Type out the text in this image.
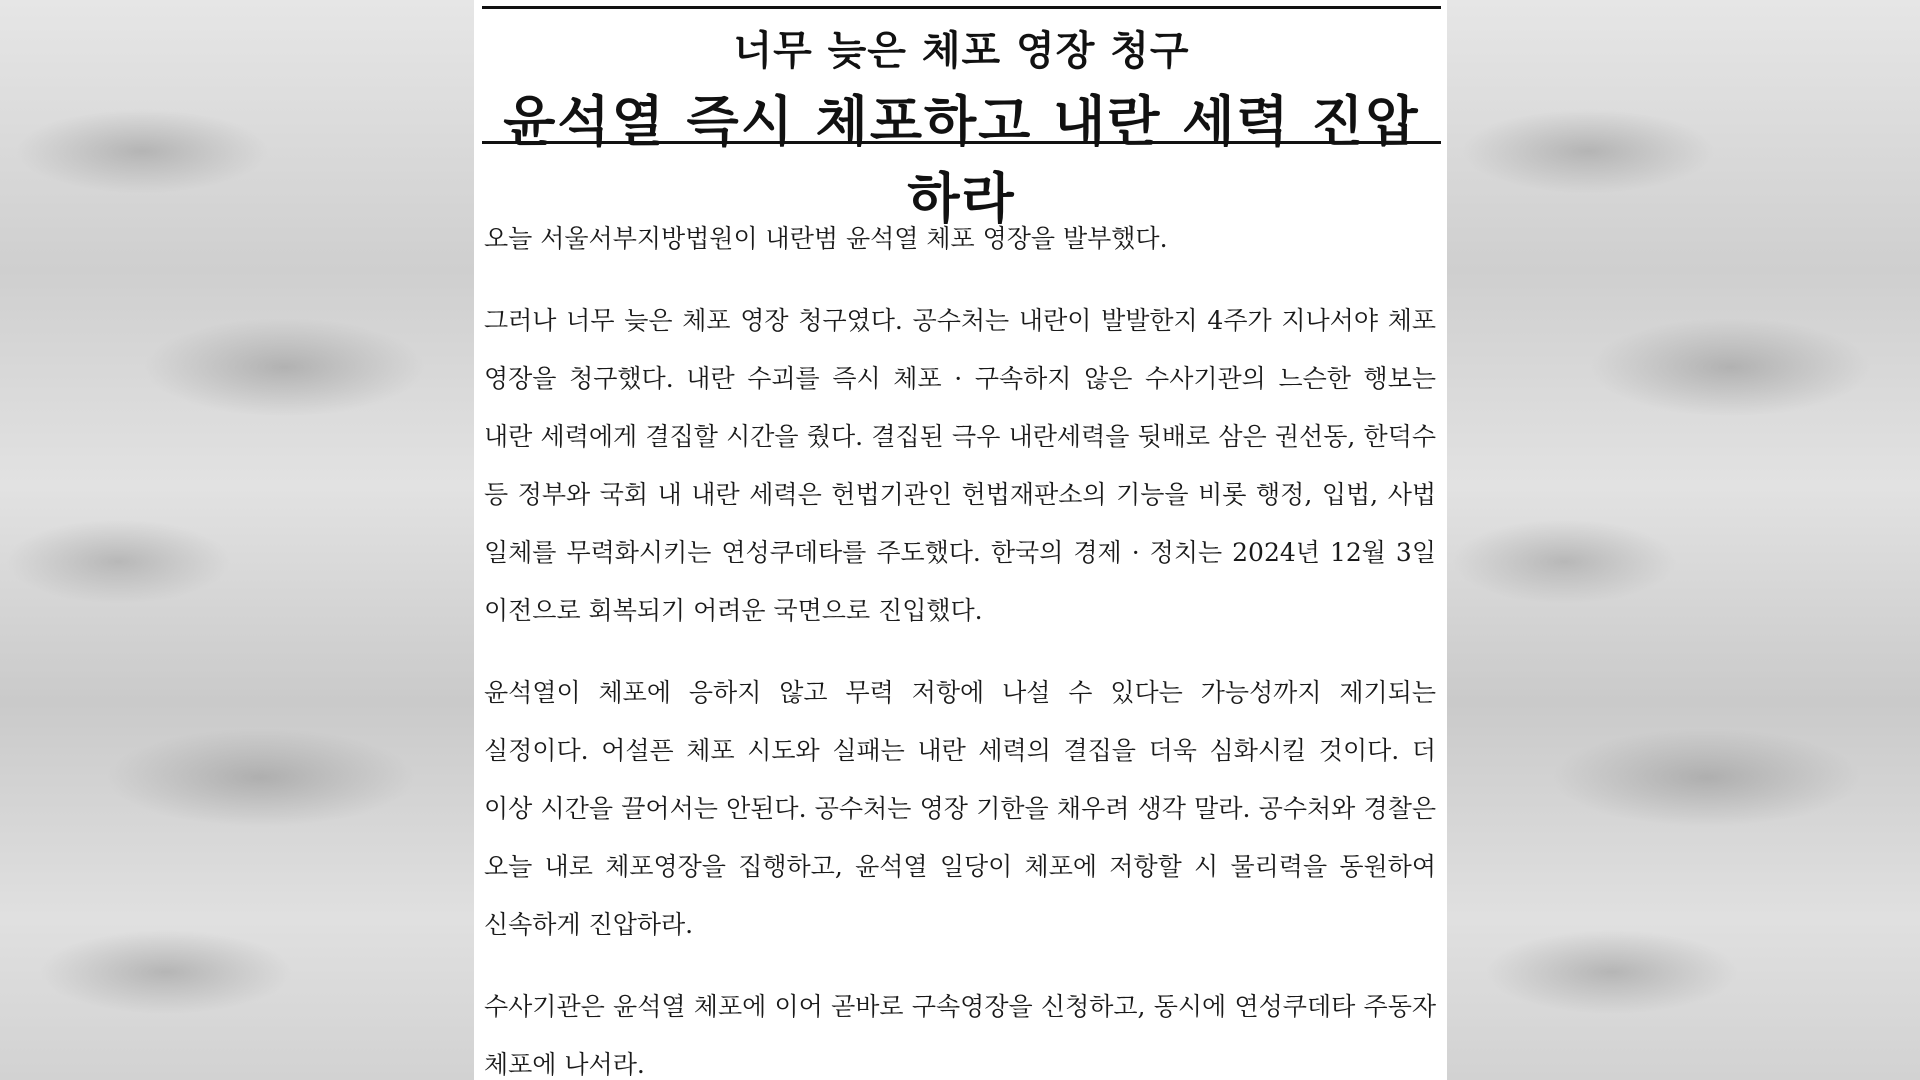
너무 늦은 체포 영장 청구
윤석열 즉시 체포하고 내란 세력 진압하라

오늘 서울서부지방법원이 내란범 윤석열 체포 영장을 발부했다.

그러나 너무 늦은 체포 영장 청구였다. 공수처는 내란이 발발한지 4주가 지나서야 체포 영장을 청구했다. 내란 수괴를 즉시 체포 · 구속하지 않은 수사기관의 느슨한 행보는 내란 세력에게 결집할 시간을 줬다. 결집된 극우 내란세력을 뒷배로 삼은 권선동, 한덕수 등 정부와 국회 내 내란 세력은 헌법기관인 헌법재판소의 기능을 비롯 행정, 입법, 사법 일체를 무력화시키는 연성쿠데타를 주도했다. 한국의 경제 · 정치는 2024년 12월 3일 이전으로 회복되기 어려운 국면으로 진입했다.

윤석열이 체포에 응하지 않고 무력 저항에 나설 수 있다는 가능성까지 제기되는 실정이다. 어설픈 체포 시도와 실패는 내란 세력의 결집을 더욱 심화시킬 것이다. 더 이상 시간을 끌어서는 안된다. 공수처는 영장 기한을 채우려 생각 말라. 공수처와 경찰은 오늘 내로 체포영장을 집행하고, 윤석열 일당이 체포에 저항할 시 물리력을 동원하여 신속하게 진압하라.

수사기관은 윤석열 체포에 이어 곧바로 구속영장을 신청하고, 동시에 연성쿠데타 주동자 체포에 나서라.
